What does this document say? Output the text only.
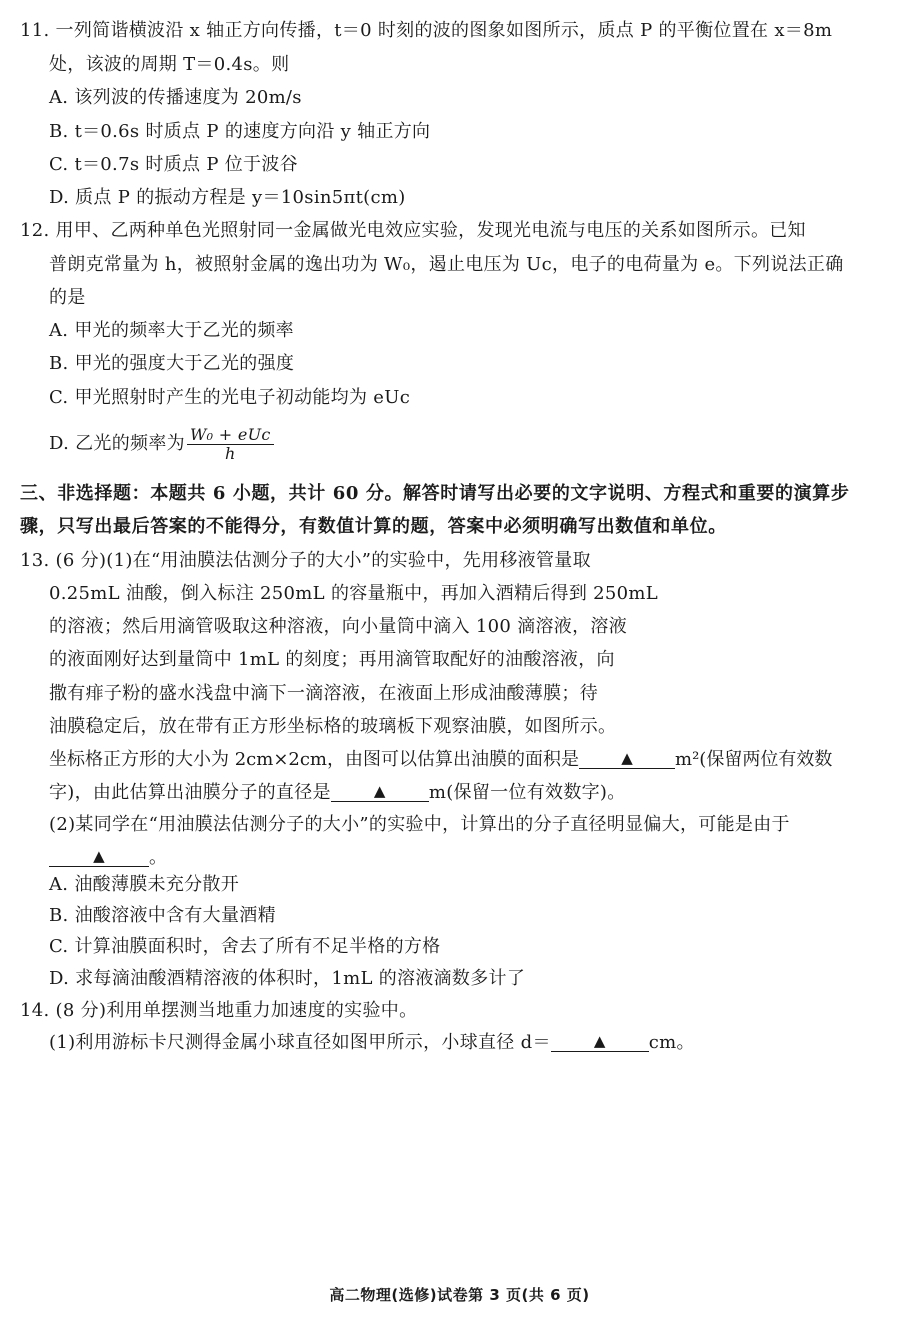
11. 一列简谐横波沿 x 轴正方向传播，t＝0 时刻的波的图象如图所示，质点 P 的平衡位置在 x＝8m
处，该波的周期 T＝0.4s。则
A. 该列波的传播速度为 20m/s
B. t＝0.6s 时质点 P 的速度方向沿 y 轴正方向
C. t＝0.7s 时质点 P 位于波谷
D. 质点 P 的振动方程是 y＝10sin5πt(cm)
12. 用甲、乙两种单色光照射同一金属做光电效应实验，发现光电流与电压的关系如图所示。已知
普朗克常量为 h，被照射金属的逸出功为 W₀，遏止电压为 Uc，电子的电荷量为 e。下列说法正确
的是
A. 甲光的频率大于乙光的频率
B. 甲光的强度大于乙光的强度
C. 甲光照射时产生的光电子初动能均为 eUc
D. 乙光的频率为 $\frac{\text{W₀ + eUc}}{h}$
三、非选择题：本题共 6 小题，共计 60 分。解答时请写出必要的文字说明、方程式和重要的演算步
骤，只写出最后答案的不能得分，有数值计算的题，答案中必须明确写出数值和单位。
13. (6 分)(1)在“用油膜法估测分子的大小”的实验中，先用移液管量取
0.25mL 油酸，倒入标注 250mL 的容量瓶中，再加入酒精后得到 250mL
的溶液；然后用滴管吸取这种溶液，向小量筒中滴入 100 滴溶液，溶液
的液面刚好达到量筒中 1mL 的刻度；再用滴管取配好的油酸溶液，向
撒有痱子粉的盛水浅盘中滴下一滴溶液，在液面上形成油酸薄膜；待
油膜稳定后，放在带有正方形坐标格的玻璃板下观察油膜，如图所示。
坐标格正方形的大小为 2cm×2cm，由图可以估算出油膜的面积是	▲ m²(保留两位有效数
字)，由此估算出油膜分子的直径是	▲ m(保留一位有效数字)。
(2)某同学在“用油膜法估测分子的大小”的实验中，计算出的分子直径明显偏大，可能是由于
▲ 。
A. 油酸薄膜未充分散开
B. 油酸溶液中含有大量酒精
C. 计算油膜面积时，舍去了所有不足半格的方格
D. 求每滴油酸酒精溶液的体积时，1mL 的溶液滴数多计了
14. (8 分)利用单摆测当地重力加速度的实验中。
(1)利用游标卡尺测得金属小球直径如图甲所示，小球直径 d＝	▲ cm。
高二物理(选修)试卷第 3 页(共 6 页)
